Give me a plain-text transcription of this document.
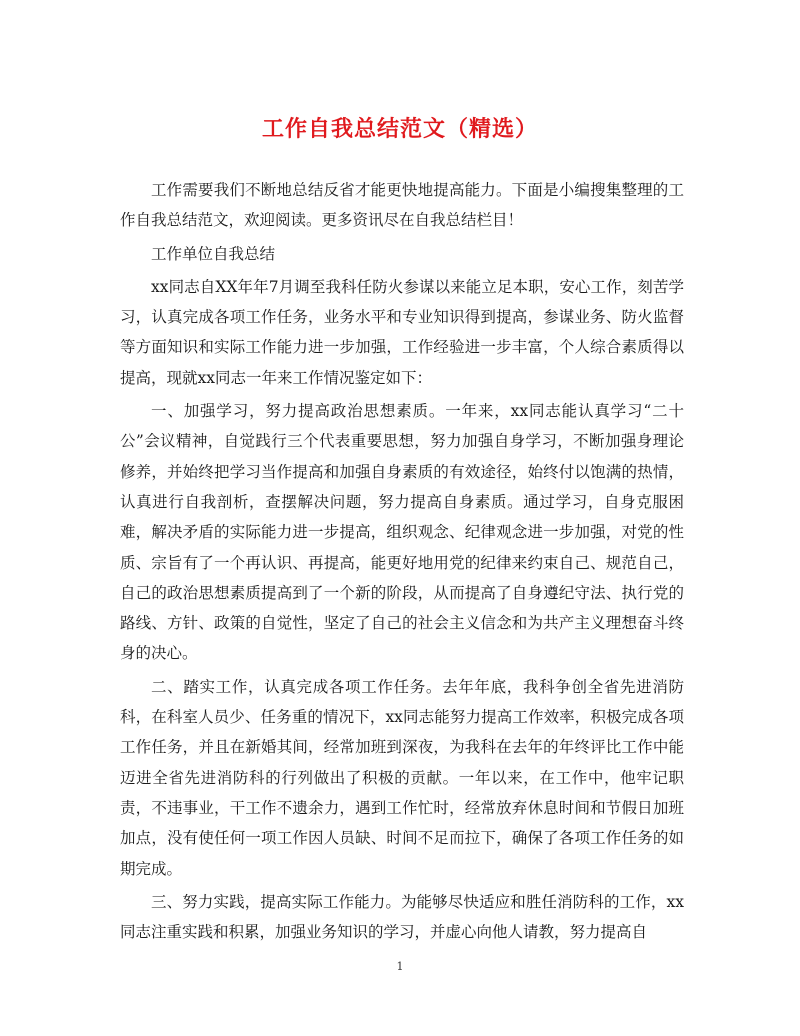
工作自我总结范文（精选）

工作需要我们不断地总结反省才能更快地提高能力。下面是小编搜集整理的工作自我总结范文，欢迎阅读。更多资讯尽在自我总结栏目！

工作单位自我总结

xx同志自XX年年7月调至我科任防火参谋以来能立足本职，安心工作，刻苦学习，认真完成各项工作任务，业务水平和专业知识得到提高，参谋业务、防火监督等方面知识和实际工作能力进一步加强，工作经验进一步丰富，个人综合素质得以提高，现就xx同志一年来工作情况鉴定如下：

一、加强学习，努力提高政治思想素质。一年来，xx同志能认真学习“二十公”会议精神，自觉践行三个代表重要思想，努力加强自身学习，不断加强身理论修养，并始终把学习当作提高和加强自身素质的有效途径，始终付以饱满的热情，认真进行自我剖析，查摆解决问题，努力提高自身素质。通过学习，自身克服困难，解决矛盾的实际能力进一步提高，组织观念、纪律观念进一步加强，对党的性质、宗旨有了一个再认识、再提高，能更好地用党的纪律来约束自己、规范自己，自己的政治思想素质提高到了一个新的阶段，从而提高了自身遵纪守法、执行党的路线、方针、政策的自觉性，坚定了自己的社会主义信念和为共产主义理想奋斗终身的决心。

二、踏实工作，认真完成各项工作任务。去年年底，我科争创全省先进消防科，在科室人员少、任务重的情况下，xx同志能努力提高工作效率，积极完成各项工作任务，并且在新婚其间，经常加班到深夜，为我科在去年的年终评比工作中能迈进全省先进消防科的行列做出了积极的贡献。一年以来，在工作中，他牢记职责，不违事业，干工作不遗余力，遇到工作忙时，经常放弃休息时间和节假日加班加点，没有使任何一项工作因人员缺、时间不足而拉下，确保了各项工作任务的如期完成。

三、努力实践，提高实际工作能力。为能够尽快适应和胜任消防科的工作，xx同志注重实践和积累，加强业务知识的学习，并虚心向他人请教，努力提高自

1
